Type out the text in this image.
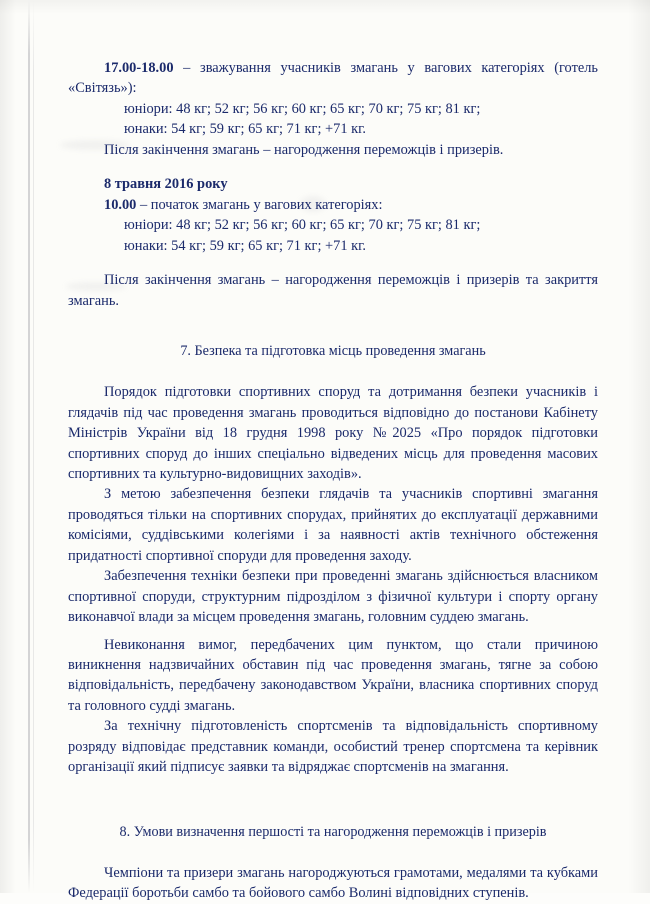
17.00-18.00 – зважування учасників змагань у вагових категоріях (готель «Світязь»):

юніори: 48 кг; 52 кг; 56 кг; 60 кг; 65 кг; 70 кг; 75 кг; 81 кг;

юнаки: 54 кг; 59 кг; 65 кг; 71 кг; +71 кг.

Після закінчення змагань – нагородження переможців і призерів.

8 травня 2016 року

10.00 – початок змагань у вагових категоріях:

юніори: 48 кг; 52 кг; 56 кг; 60 кг; 65 кг; 70 кг; 75 кг; 81 кг;

юнаки: 54 кг; 59 кг; 65 кг; 71 кг; +71 кг.

Після закінчення змагань – нагородження переможців і призерів та закриття змагань.

7. Безпека та підготовка місць проведення змагань

Порядок підготовки спортивних споруд та дотримання безпеки учасників і глядачів під час проведення змагань проводиться відповідно до постанови Кабінету Міністрів України від 18 грудня 1998 року №2025 «Про порядок підготовки спортивних споруд до інших спеціально відведених місць для проведення масових спортивних та культурно-видовищних заходів».

З метою забезпечення безпеки глядачів та учасників спортивні змагання проводяться тільки на спортивних спорудах, прийнятих до експлуатації державними комісіями, суддівськими колегіями і за наявності актів технічного обстеження придатності спортивної споруди для проведення заходу.

Забезпечення техніки безпеки при проведенні змагань здійснюється власником спортивної споруди, структурним підрозділом з фізичної культури і спорту органу виконавчої влади за місцем проведення змагань, головним суддею змагань.

Невиконання вимог, передбачених цим пунктом, що стали причиною виникнення надзвичайних обставин під час проведення змагань, тягне за собою відповідальність, передбачену законодавством України, власника спортивних споруд та головного судді змагань.

За технічну підготовленість спортсменів та відповідальність спортивному розряду відповідає представник команди, особистий тренер спортсмена та керівник організації який підписує заявки та відряджає спортсменів на змагання.

8. Умови визначення першості та нагородження переможців і призерів

Чемпіони та призери змагань нагороджуються грамотами, медалями та кубками Федерації боротьби самбо та бойового самбо Волині відповідних ступенів.
